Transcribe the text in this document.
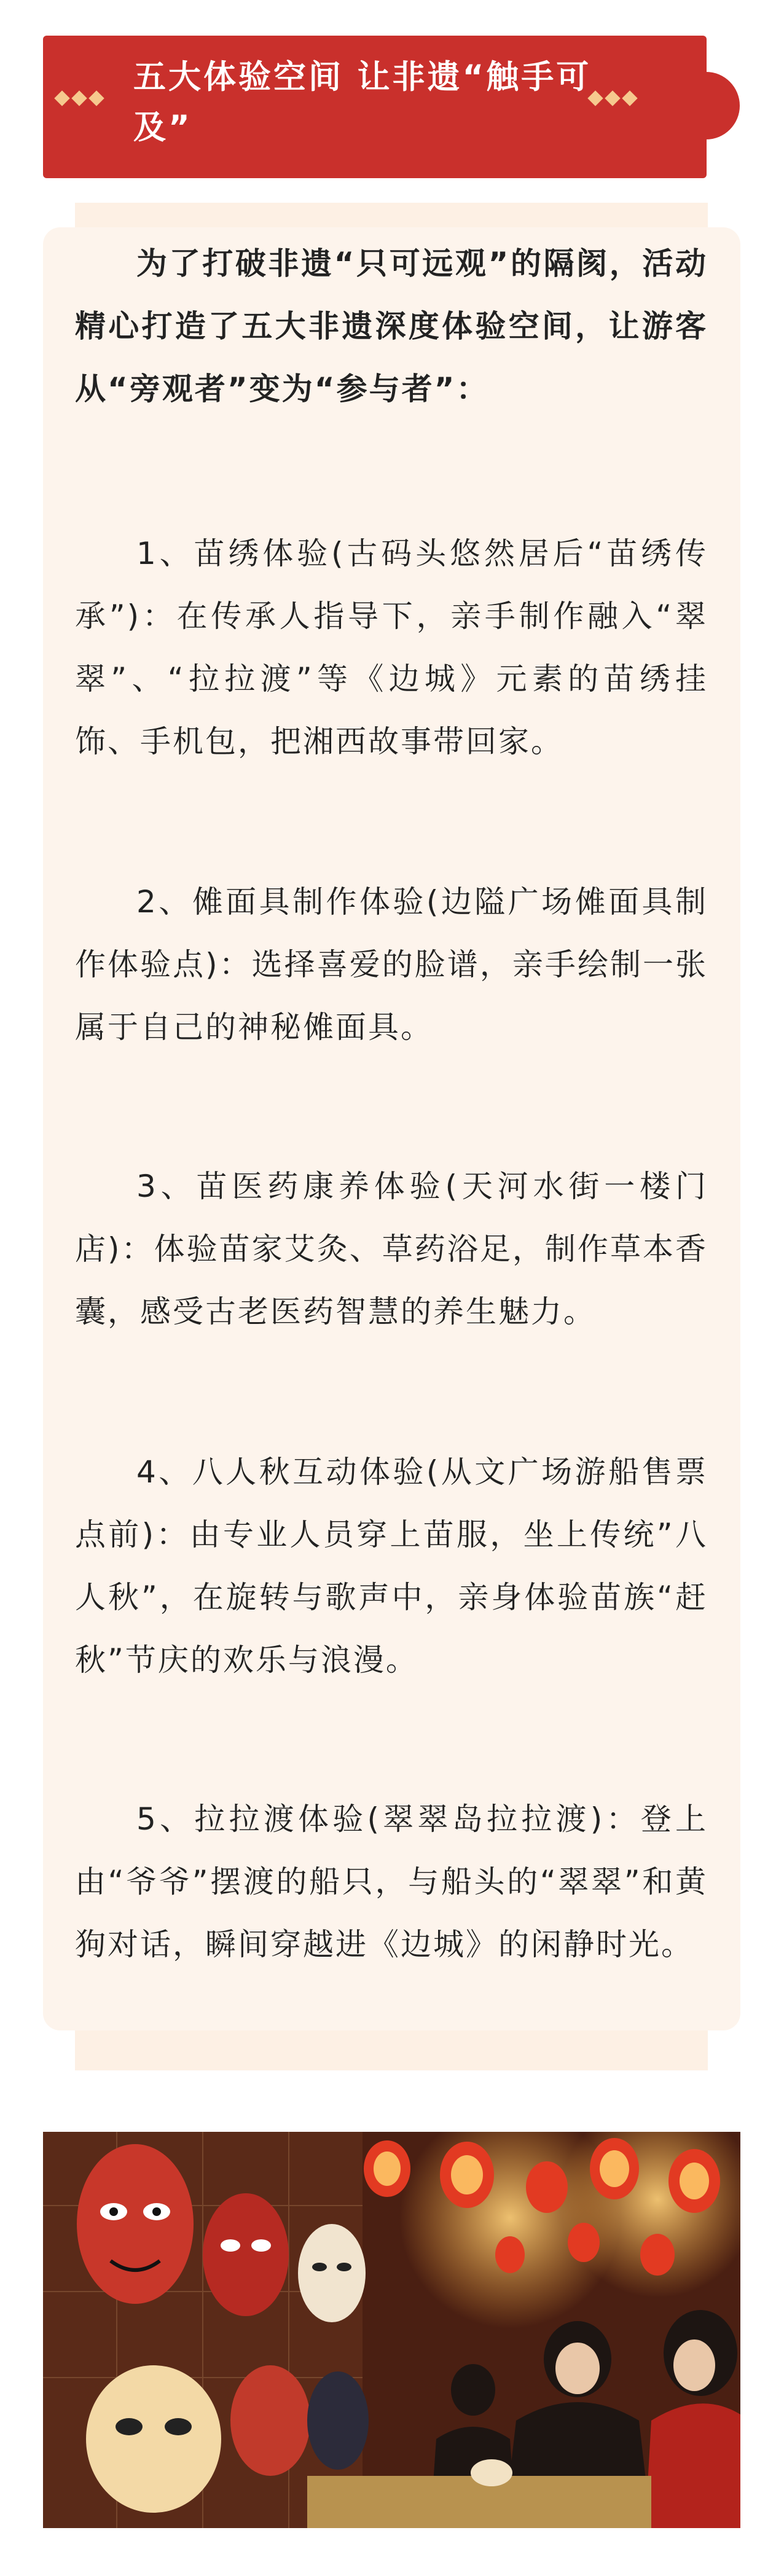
五大体验空间 让非遗“触手可及”

为了打破非遗“只可远观”的隔阂，活动精心打造了五大非遗深度体验空间，让游客从“旁观者”变为“参与者”：

1、苗绣体验(古码头悠然居后“苗绣传承”)：在传承人指导下，亲手制作融入“翠翠”、“拉拉渡”等《边城》元素的苗绣挂饰、手机包，把湘西故事带回家。

2、傩面具制作体验(边隘广场傩面具制作体验点)：选择喜爱的脸谱，亲手绘制一张属于自己的神秘傩面具。

3、苗医药康养体验(天河水街一楼门店)：体验苗家艾灸、草药浴足，制作草本香囊，感受古老医药智慧的养生魅力。

4、八人秋互动体验(从文广场游船售票点前)：由专业人员穿上苗服，坐上传统”八人秋”，在旋转与歌声中，亲身体验苗族“赶秋”节庆的欢乐与浪漫。

5、拉拉渡体验(翠翠岛拉拉渡)：登上由“爷爷”摆渡的船只，与船头的“翠翠”和黄狗对话，瞬间穿越进《边城》的闲静时光。
